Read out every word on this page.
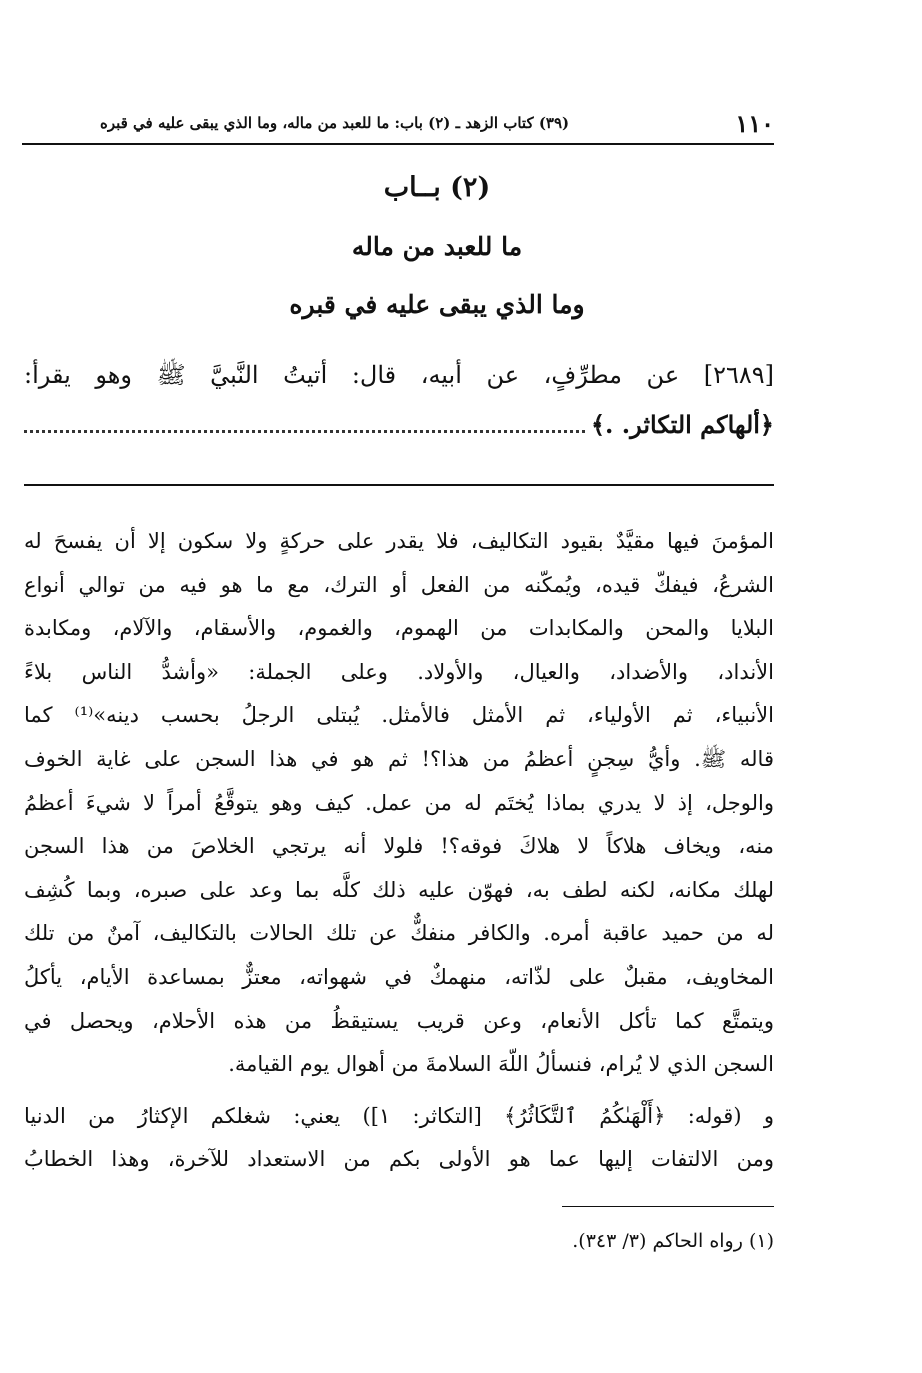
١١٠
(٣٩) كتاب الزهد ـ (٢) باب: ما للعبد من ماله، وما الذي يبقى عليه في قبره
(٢) بــاب
ما للعبد من ماله
وما الذي يبقى عليه في قبره
[٢٦٨٩] عن مطرِّفٍ، عن أبيه، قال: أتيتُ النَّبيَّ ﷺ وهو يقرأ:
﴿ألهاكم التكاثر. .﴾
المؤمنَ فيها مقيَّدٌ بقيود التكاليف، فلا يقدر على حركةٍ ولا سكون إلا أن يفسحَ له
الشرعُ، فيفكّ قيده، ويُمكّنه من الفعل أو الترك، مع ما هو فيه من توالي أنواع
البلايا والمحن والمكابدات من الهموم، والغموم، والأسقام، والآلام، ومكابدة
الأنداد، والأضداد، والعيال، والأولاد. وعلى الجملة: «وأشدُّ الناس بلاءً
الأنبياء، ثم الأولياء، ثم الأمثل فالأمثل. يُبتلى الرجلُ بحسب دينه»⁽¹⁾ كما
قاله ﷺ. وأيُّ سِجنٍ أعظمُ من هذا؟! ثم هو في هذا السجن على غاية الخوف
والوجل، إذ لا يدري بماذا يُختَم له من عمل. كيف وهو يتوقَّعُ أمراً لا شيءَ أعظمُ
منه، ويخاف هلاكاً لا هلاكَ فوقه؟! فلولا أنه يرتجي الخلاصَ من هذا السجن
لهلك مكانه، لكنه لطف به، فهوّن عليه ذلك كلَّه بما وعد على صبره، وبما كُشِف
له من حميد عاقبة أمره. والكافر منفكٌّ عن تلك الحالات بالتكاليف، آمنٌ من تلك
المخاويف، مقبلٌ على لذّاته، منهمكٌ في شهواته، معتزٌّ بمساعدة الأيام، يأكلُ
ويتمتَّع كما تأكل الأنعام، وعن قريب يستيقظُ من هذه الأحلام، ويحصل في
السجن الذي لا يُرام، فنسألُ اللّهَ السلامةَ من أهوال يوم القيامة.
و (قوله: ﴿أَلْهَىٰكُمُ ٱلتَّكَاثُرُ﴾ [التكاثر: ١]) يعني: شغلكم الإكثارُ من الدنيا
ومن الالتفات إليها عما هو الأولى بكم من الاستعداد للآخرة، وهذا الخطابُ
(١) رواه الحاكم (٣/ ٣٤٣).
